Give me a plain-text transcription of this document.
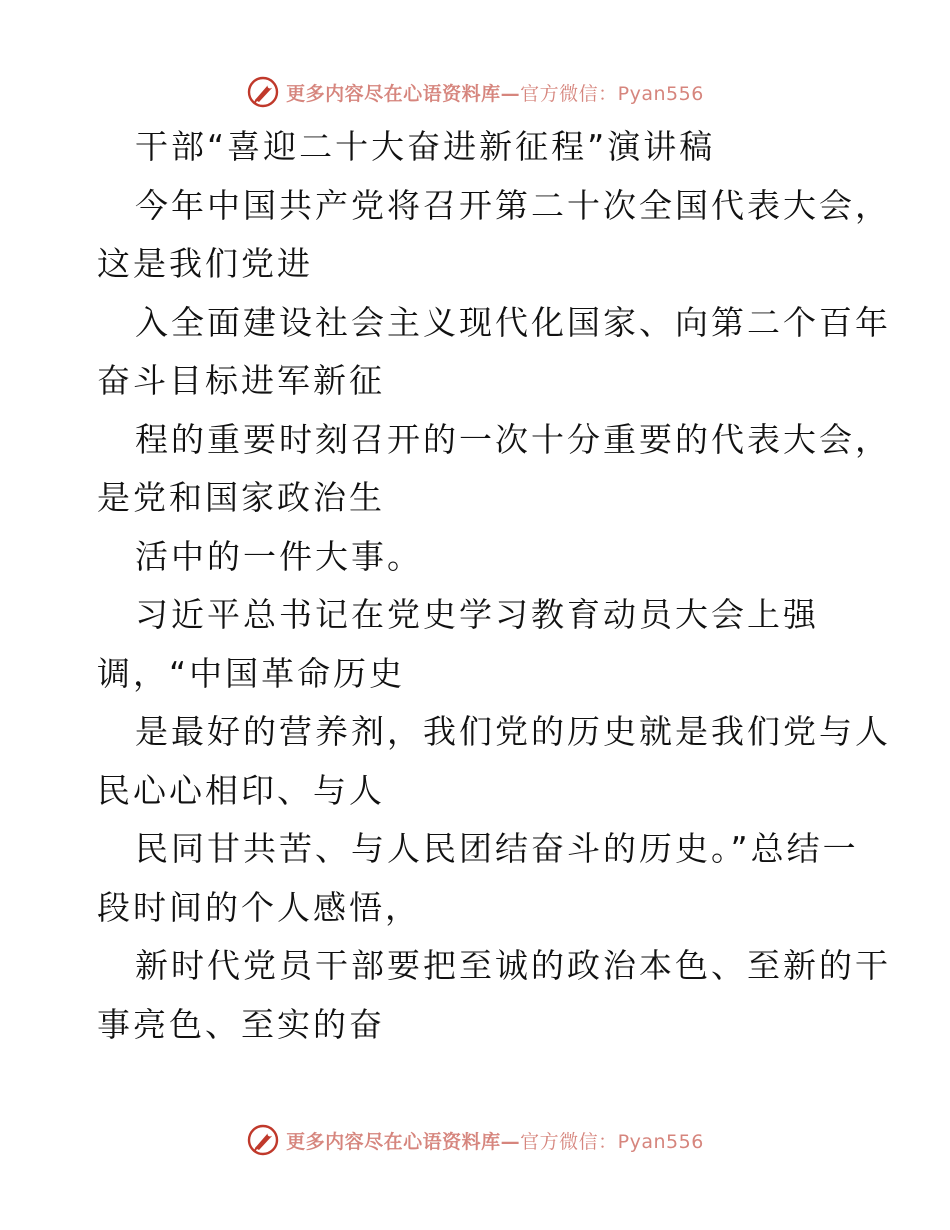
更多内容尽在心语资料库—官方微信：Pyan556
干部“喜迎二十大奋进新征程”演讲稿
今年中国共产党将召开第二十次全国代表大会，
这是我们党进
入全面建设社会主义现代化国家、向第二个百年
奋斗目标进军新征
程的重要时刻召开的一次十分重要的代表大会，
是党和国家政治生
活中的一件大事。
习近平总书记在党史学习教育动员大会上强
调，“中国革命历史
是最好的营养剂，我们党的历史就是我们党与人
民心心相印、与人
民同甘共苦、与人民团结奋斗的历史。”总结一
段时间的个人感悟，
新时代党员干部要把至诚的政治本色、至新的干
事亮色、至实的奋
更多内容尽在心语资料库—官方微信：Pyan556
